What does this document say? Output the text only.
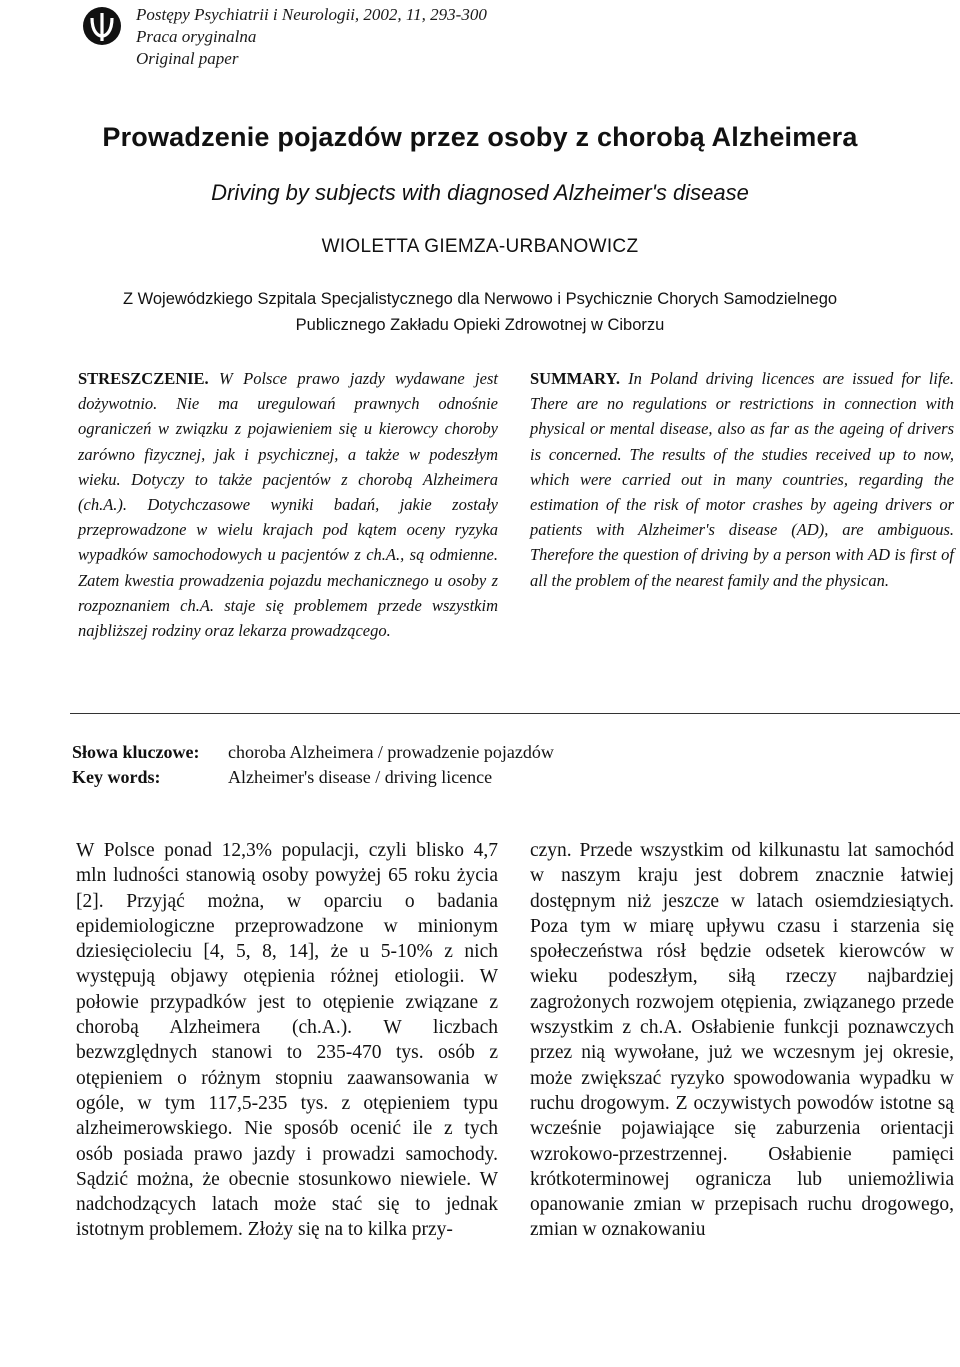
Postępy Psychiatrii i Neurologii, 2002, 11, 293-300
Praca oryginalna
Original paper
Prowadzenie pojazdów przez osoby z chorobą Alzheimera
Driving by subjects with diagnosed Alzheimer's disease
WIOLETTA GIEMZA-URBANOWICZ
Z Wojewódzkiego Szpitala Specjalistycznego dla Nerwowo i Psychicznie Chorych Samodzielnego
Publicznego Zakładu Opieki Zdrowotnej w Ciborzu
STRESZCZENIE. W Polsce prawo jazdy wydawane jest dożywotnio. Nie ma uregulowań prawnych odnośnie ograniczeń w związku z pojawieniem się u kierowcy choroby zarówno fizycznej, jak i psychicznej, a także w podeszłym wieku. Dotyczy to także pacjentów z chorobą Alzheimera (ch.A.). Dotychczasowe wyniki badań, jakie zostały przeprowadzone w wielu krajach pod kątem oceny ryzyka wypadków samochodowych u pacjentów z ch.A., są odmienne. Zatem kwestia prowadzenia pojazdu mechanicznego u osoby z rozpoznaniem ch.A. staje się problemem przede wszystkim najbliższej rodziny oraz lekarza prowadzącego.
SUMMARY. In Poland driving licences are issued for life. There are no regulations or restrictions in connection with physical or mental disease, also as far as the ageing of drivers is concerned. The results of the studies received up to now, which were carried out in many countries, regarding the estimation of the risk of motor crashes by ageing drivers or patients with Alzheimer's disease (AD), are ambiguous. Therefore the question of driving by a person with AD is first of all the problem of the nearest family and the physican.
Słowa kluczowe: choroba Alzheimera / prowadzenie pojazdów
Key words:	Alzheimer's disease / driving licence
W Polsce ponad 12,3% populacji, czyli blisko 4,7 mln ludności stanowią osoby powyżej 65 roku życia [2]. Przyjąć można, w oparciu o badania epidemiologiczne przeprowadzone w minionym dziesięcioleciu [4, 5, 8, 14], że u 5-10% z nich występują objawy otępienia różnej etiologii. W połowie przypadków jest to otępienie związane z chorobą Alzheimera (ch.A.). W liczbach bezwzględnych stanowi to 235-470 tys. osób z otępieniem o różnym stopniu zaawansowania w ogóle, w tym 117,5-235 tys. z otępieniem typu alzheimerowskiego. Nie sposób ocenić ile z tych osób posiada prawo jazdy i prowadzi samochody. Sądzić można, że obecnie stosunkowo niewiele. W nadchodzących latach może stać się to jednak istotnym problemem. Złoży się na to kilka przy-
czyn. Przede wszystkim od kilkunastu lat samochód w naszym kraju jest dobrem znacznie łatwiej dostępnym niż jeszcze w latach osiemdziesiątych. Poza tym w miarę upływu czasu i starzenia się społeczeństwa rósł będzie odsetek kierowców w wieku podeszłym, siłą rzeczy najbardziej zagrożonych rozwojem otępienia, związanego przede wszystkim z ch.A. Osłabienie funkcji poznawczych przez nią wywołane, już we wczesnym jej okresie, może zwiększać ryzyko spowodowania wypadku w ruchu drogowym. Z oczywistych powodów istotne są wcześnie pojawiające się zaburzenia orientacji wzrokowo-przestrzennej. Osłabienie pamięci krótkoterminowej ogranicza lub uniemożliwia opanowanie zmian w przepisach ruchu drogowego, zmian w oznakowaniu
